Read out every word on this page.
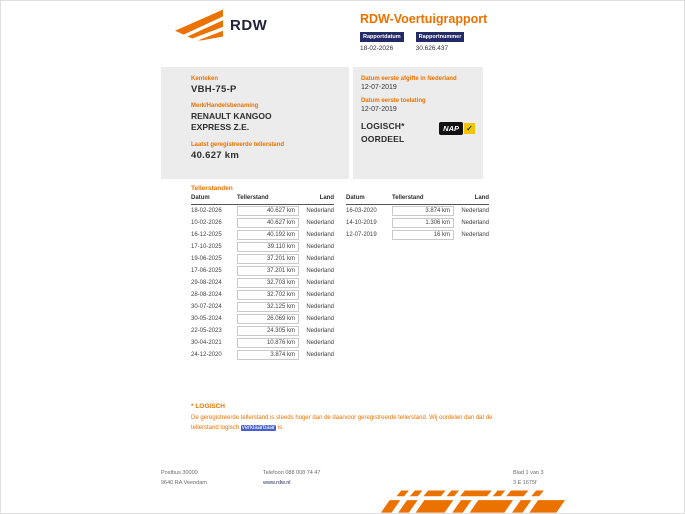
RDW	RDW-Voertuigrapport
Rapportdatum
18-02-2026
Rapportnummer
30.626.437
Kenteken
VBH-75-P
Merk/Handelsbenaming
RENAULT KANGOO
EXPRESS Z.E.
Laatst geregistreerde tellerstand
40.627 km
Datum eerste afgifte in Nederland
12-07-2019
Datum eerste toelating
12-07-2019
LOGISCH*
OORDEEL
NAP ✓
Tellerstanden
Datum	Tellerstand	Land
18-02-2026	40.627 km	Nederland
10-02-2026	40.627 km	Nederland
16-12-2025	40.192 km	Nederland
17-10-2025	39.110 km	Nederland
19-06-2025	37.201 km	Nederland
17-06-2025	37.201 km	Nederland
29-08-2024	32.703 km	Nederland
28-08-2024	32.702 km	Nederland
30-07-2024	32.125 km	Nederland
30-05-2024	26.069 km	Nederland
22-05-2023	24.305 km	Nederland
30-04-2021	10.876 km	Nederland
24-12-2020	3.874 km	Nederland
Datum	Tellerstand	Land
16-03-2020	3.874 km	Nederland
14-10-2019	1.306 km	Nederland
12-07-2019	16 km	Nederland
* LOGISCH

De geregistreerde tellerstand is steeds hoger dan de daarvoor geregistreerde tellerstand. Wij oordelen dan dat de tellerstand logisch verklaarbaar is.

Postbus 30000
9640 RA Veendam
Telefoon 088 008 74 47
www.rdw.nl
Blad 1 van 3
3 E 1675f
